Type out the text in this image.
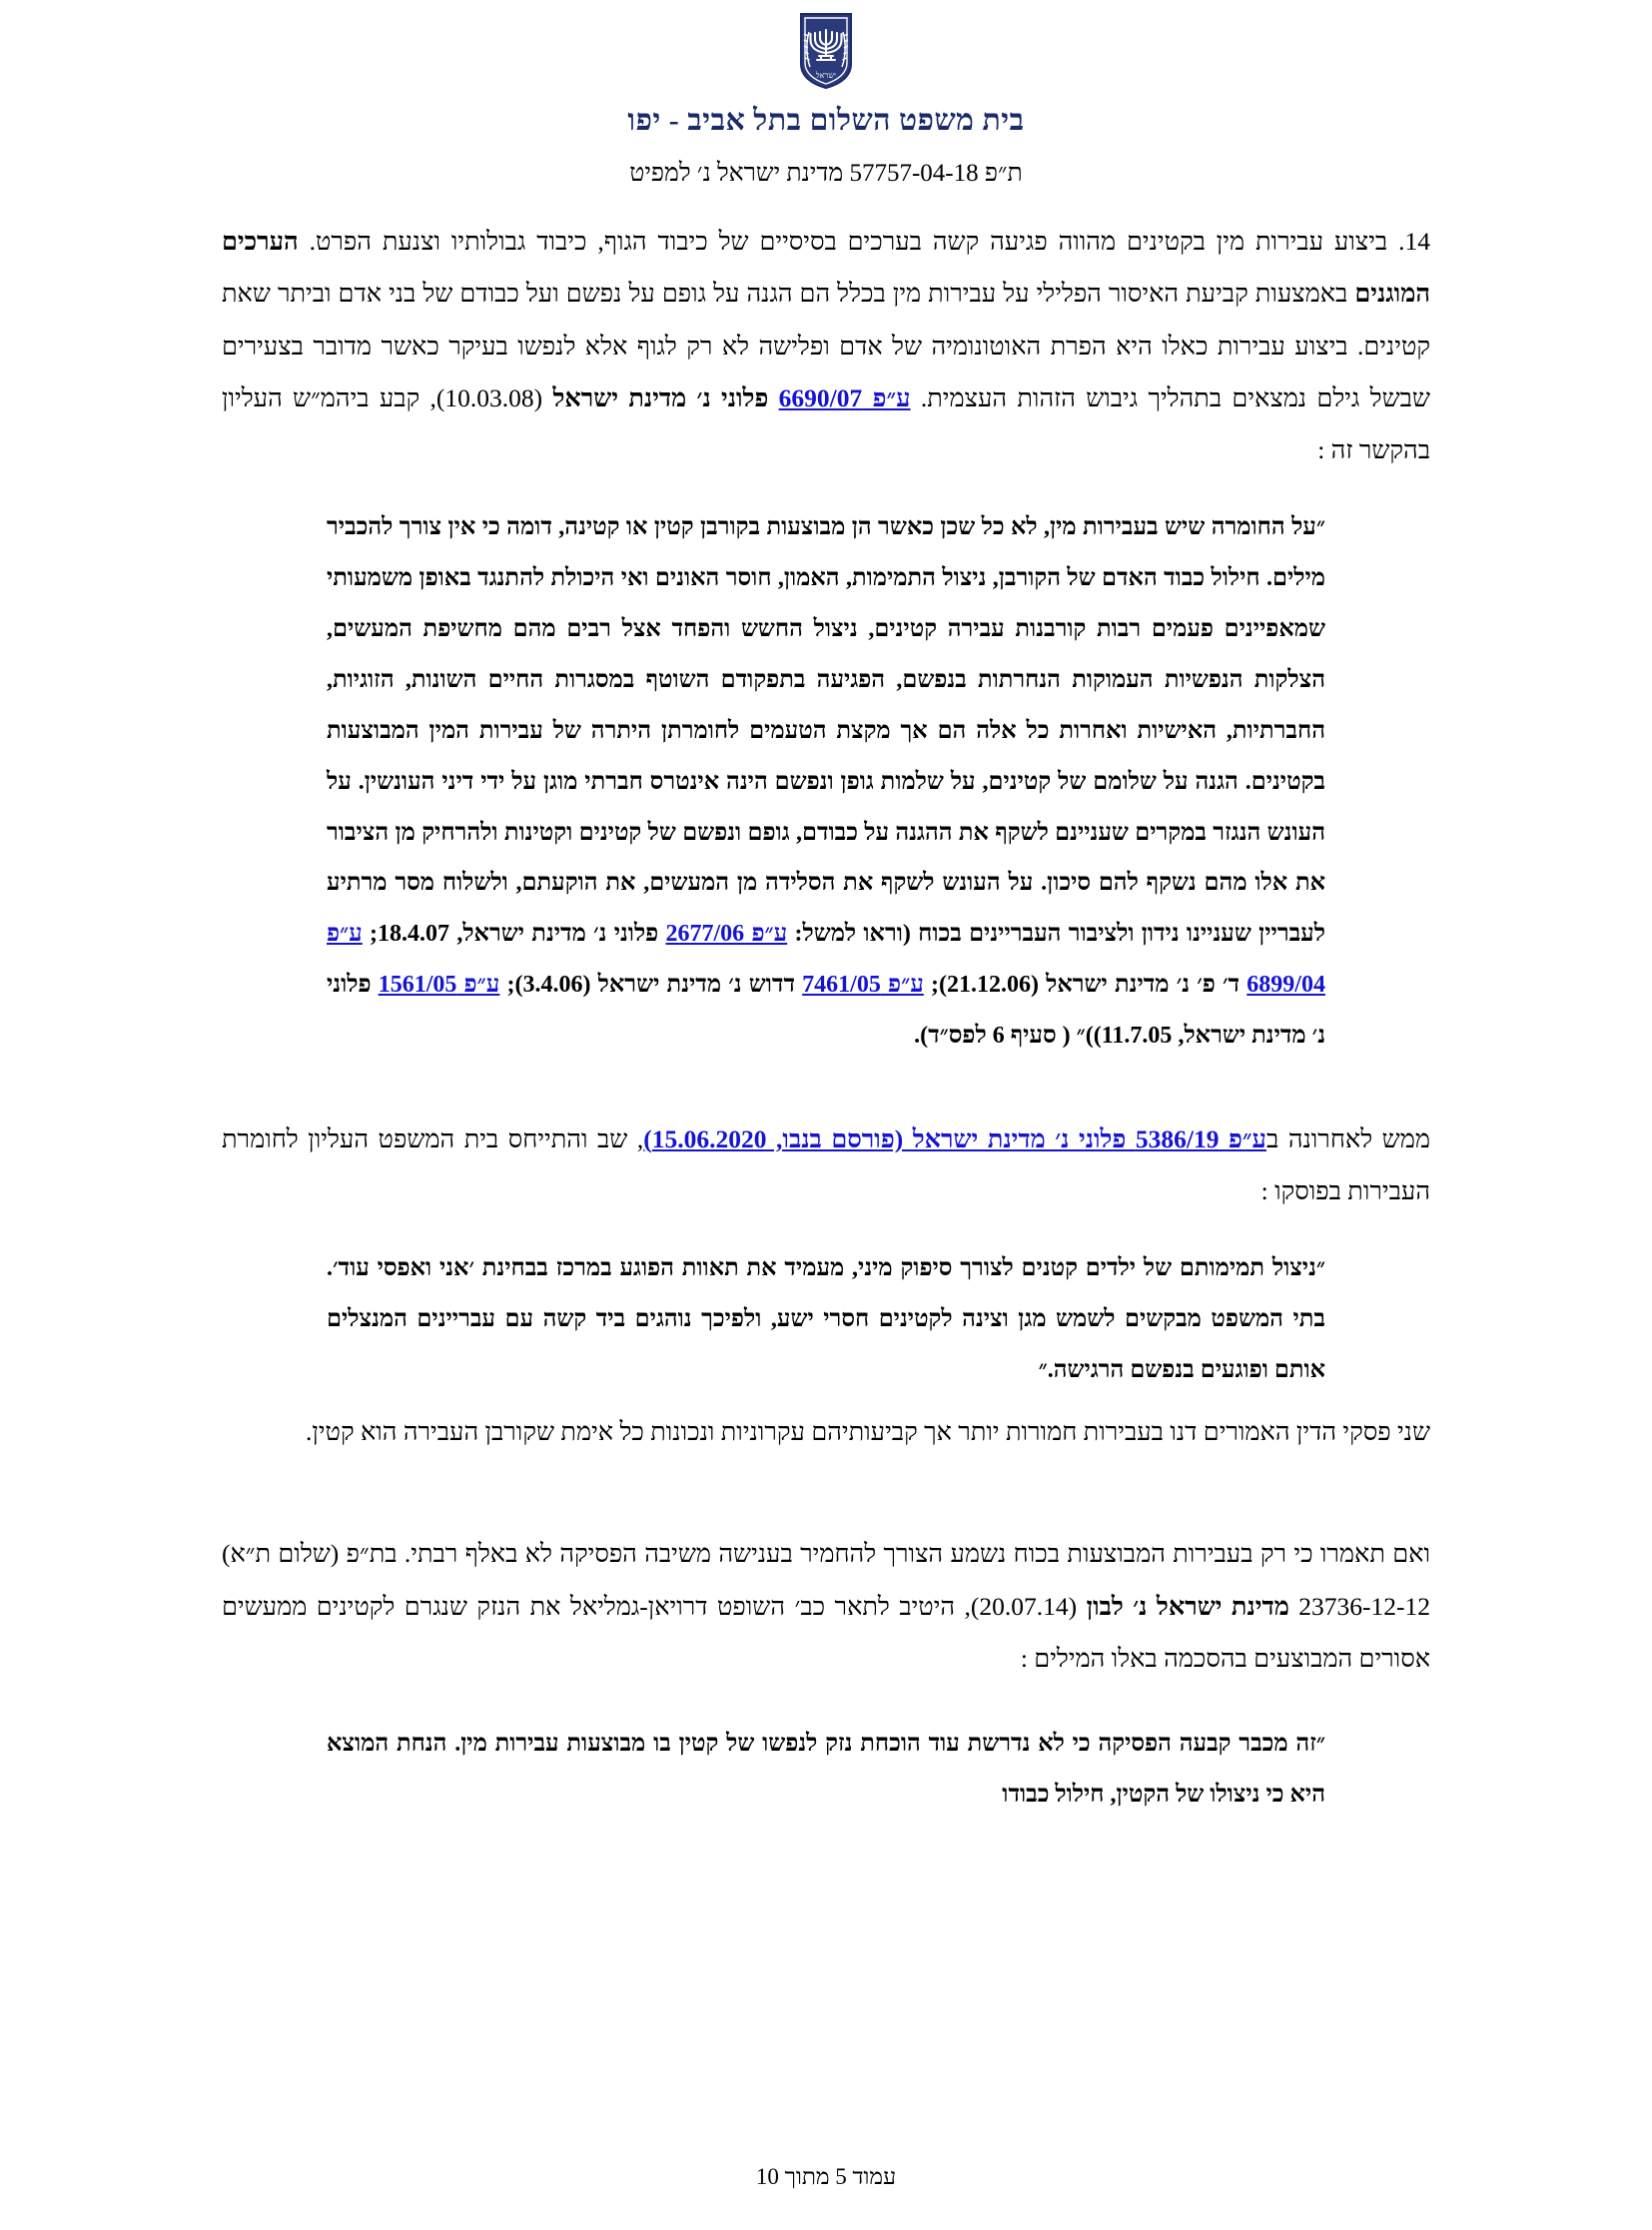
ישראל
בית משפט השלום בתל אביב - יפו
ת״פ 57757-04-18 מדינת ישראל נ׳ למפיט

14. ביצוע עבירות מין בקטינים מהווה פגיעה קשה בערכים בסיסיים של כיבוד הגוף, כיבוד גבולותיו וצנעת הפרט. הערכים המוגנים באמצעות קביעת האיסור הפלילי על עבירות מין בכלל הם הגנה על גופם על נפשם ועל כבודם של בני אדם וביתר שאת קטינים. ביצוע עבירות כאלו היא הפרת האוטונומיה של אדם ופלישה לא רק לגוף אלא לנפשו בעיקר כאשר מדובר בצעירים שבשל גילם נמצאים בתהליך גיבוש הזהות העצמית. ע״פ 6690/07 פלוני נ׳ מדינת ישראל (10.03.08), קבע ביהמ״ש העליון בהקשר זה :

״על החומרה שיש בעבירות מין, לא כל שכן כאשר הן מבוצעות בקורבן קטין או קטינה, דומה כי אין צורך להכביר מילים. חילול כבוד האדם של הקורבן, ניצול התמימות, האמון, חוסר האונים ואי היכולת להתנגד באופן משמעותי שמאפיינים פעמים רבות קורבנות עבירה קטינים, ניצול החשש והפחד אצל רבים מהם מחשיפת המעשים, הצלקות הנפשיות העמוקות הנחרתות בנפשם, הפגיעה בתפקודם השוטף במסגרות החיים השונות, הזוגיות, החברתיות, האישיות ואחרות כל אלה הם אך מקצת הטעמים לחומרתן היתרה של עבירות המין המבוצעות בקטינים. הגנה על שלומם של קטינים, על שלמות גופן ונפשם הינה אינטרס חברתי מוגן על ידי דיני העונשין. על העונש הנגזר במקרים שעניינם לשקף את ההגנה על כבודם, גופם ונפשם של קטינים וקטינות ולהרחיק מן הציבור את אלו מהם נשקף להם סיכון. על העונש לשקף את הסלידה מן המעשים, את הוקעתם, ולשלוח מסר מרתיע לעבריין שעניינו נידון ולציבור העבריינים בכוח (וראו למשל: ע״פ 2677/06 פלוני נ׳ מדינת ישראל, 18.4.07; ע״פ 6899/04 ד׳ פ׳ נ׳ מדינת ישראל (21.12.06); ע״פ 7461/05 דדוש נ׳ מדינת ישראל (3.4.06); ע״פ 1561/05 פלוני נ׳ מדינת ישראל, 11.7.05))״ ( סעיף 6 לפס״ד).

ממש לאחרונה בע״פ 5386/19 פלוני נ׳ מדינת ישראל (פורסם בנבו, 15.06.2020), שב והתייחס בית המשפט העליון לחומרת העבירות בפוסקו :

״ניצול תמימותם של ילדים קטנים לצורך סיפוק מיני, מעמיד את תאוות הפוגע במרכז בבחינת ׳אני ואפסי עוד׳. בתי המשפט מבקשים לשמש מגן וצינה לקטינים חסרי ישע, ולפיכך נוהגים ביד קשה עם עבריינים המנצלים אותם ופוגעים בנפשם הרגישה.״

שני פסקי הדין האמורים דנו בעבירות חמורות יותר אך קביעותיהם עקרוניות ונכונות כל אימת שקורבן העבירה הוא קטין.

ואם תאמרו כי רק בעבירות המבוצעות בכוח נשמע הצורך להחמיר בענישה משיבה הפסיקה לא באלף רבתי. בת״פ (שלום ת״א) 23736-12-12 מדינת ישראל נ׳ לבון (20.07.14), היטיב לתאר כב׳ השופט דרויאן-גמליאל את הנזק שנגרם לקטינים ממעשים אסורים המבוצעים בהסכמה באלו המילים :

״זה מכבר קבעה הפסיקה כי לא נדרשת עוד הוכחת נזק לנפשו של קטין בו מבוצעות עבירות מין. הנחת המוצא היא כי ניצולו של הקטין, חילול כבודו
עמוד 5 מתוך 10
